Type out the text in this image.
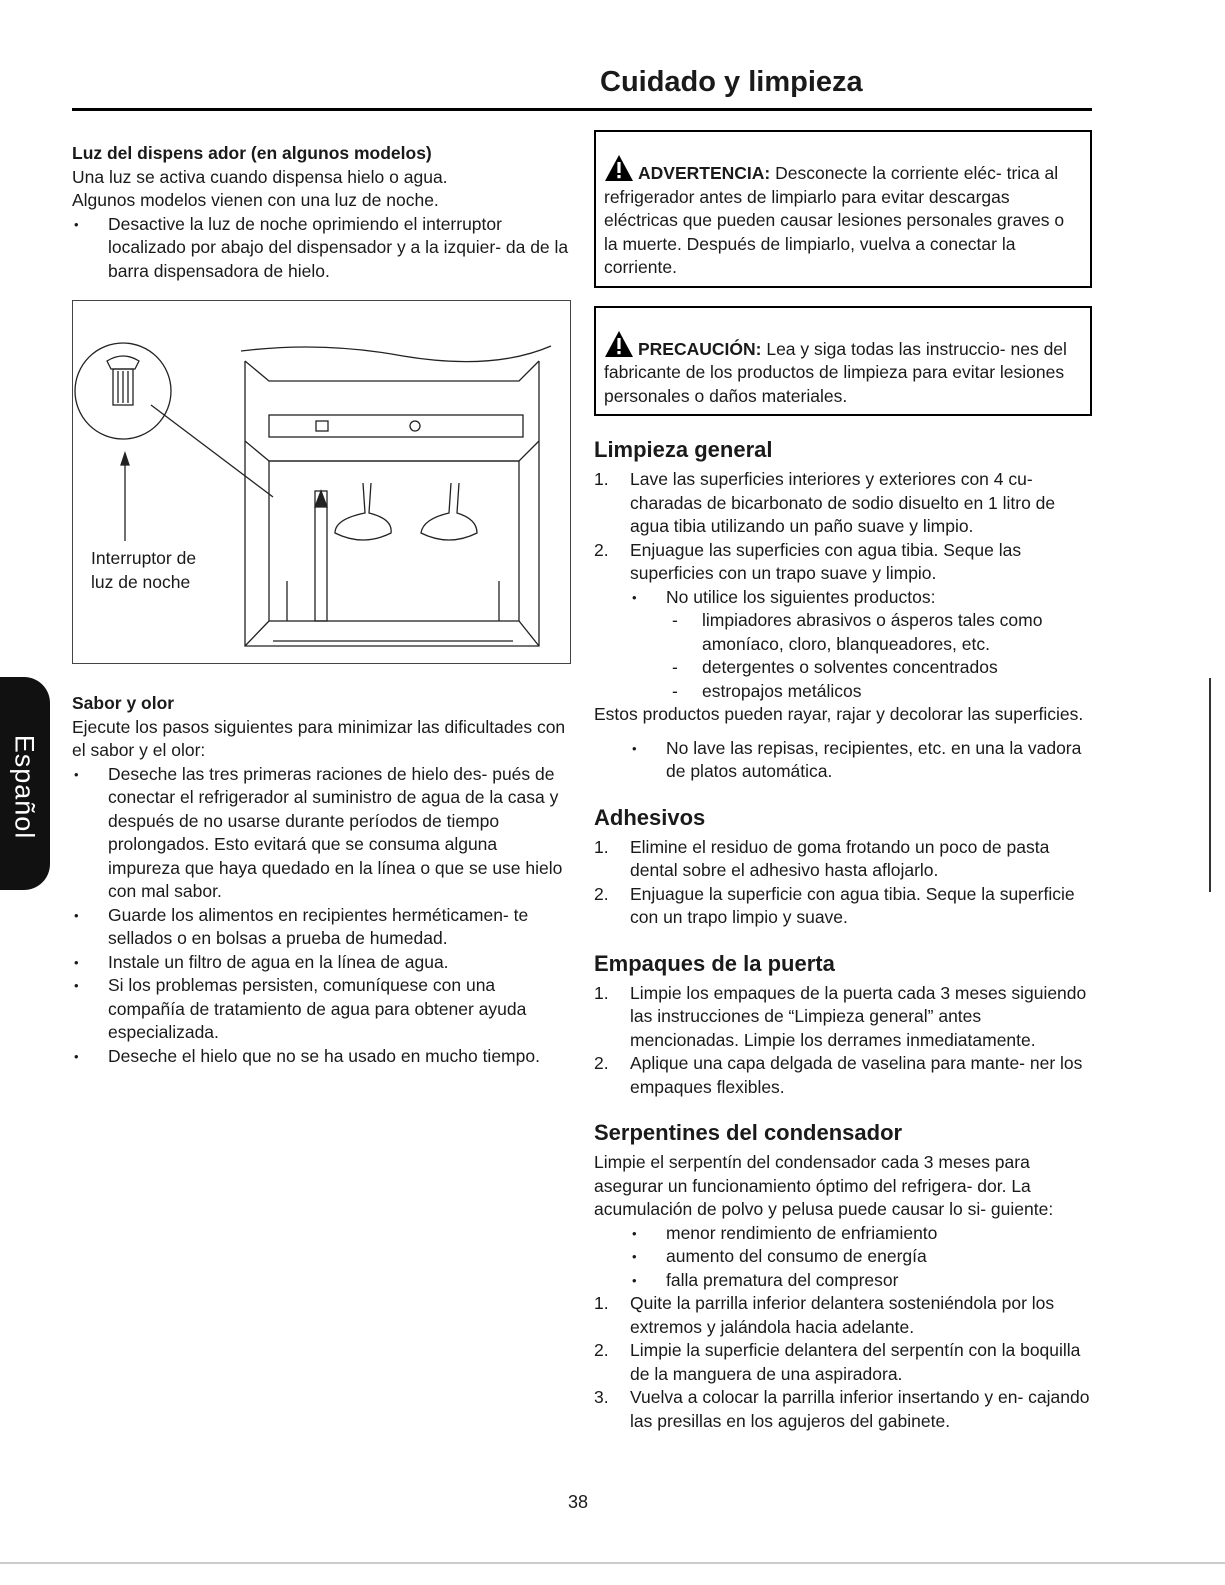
Cuidado y limpieza
Español
Luz del dispens ador (en algunos modelos)

Una luz se activa cuando dispensa hielo o agua.

Algunos modelos vienen con una luz de noche.

• Desactive la luz de noche oprimiendo el interruptor localizado por abajo del dispensador y a la izquier- da de la barra dispensadora de hielo.
Interruptor de
luz de noche
Sabor y olor

Ejecute los pasos siguientes para minimizar las dificultades con el sabor y el olor:

• Deseche las tres primeras raciones de hielo des- pués de conectar el refrigerador al suministro de agua de la casa y después de no usarse durante períodos de tiempo prolongados. Esto evitará que se consuma alguna impureza que haya quedado en la línea o que se use hielo con mal sabor.
• Guarde los alimentos en recipientes herméticamen- te sellados o en bolsas a prueba de humedad.
• Instale un filtro de agua en la línea de agua.
• Si los problemas persisten, comuníquese con una compañía de tratamiento de agua para obtener ayuda especializada.
• Deseche el hielo que no se ha usado en mucho tiempo.

ADVERTENCIA: Desconecte la corriente eléc- trica al refrigerador antes de limpiarlo para evitar descargas eléctricas que pueden causar lesiones personales graves o la muerte. Después de limpiarlo, vuelva a conectar la corriente.

PRECAUCIÓN: Lea y siga todas las instruccio- nes del fabricante de los productos de limpieza para evitar lesiones personales o daños materiales.

Limpieza general
1. Lave las superficies interiores y exteriores con 4 cu- charadas de bicarbonato de sodio disuelto en 1 litro de agua tibia utilizando un paño suave y limpio.
2. Enjuague las superficies con agua tibia. Seque las superficies con un trapo suave y limpio.
• No utilice los siguientes productos:
- limpiadores abrasivos o ásperos tales como amoníaco, cloro, blanqueadores, etc.
- detergentes o solventes concentrados
- estropajos metálicos

Estos productos pueden rayar, rajar y decolorar las superficies.

• No lave las repisas, recipientes, etc. en una la vadora de platos automática.
Adhesivos
1. Elimine el residuo de goma frotando un poco de pasta dental sobre el adhesivo hasta aflojarlo.
2. Enjuague la superficie con agua tibia. Seque la superficie con un trapo limpio y suave.
Empaques de la puerta
1. Limpie los empaques de la puerta cada 3 meses siguiendo las instrucciones de “Limpieza general” antes mencionadas. Limpie los derrames inmediatamente.
2. Aplique una capa delgada de vaselina para mante- ner los empaques flexibles.
Serpentines del condensador

Limpie el serpentín del condensador cada 3 meses para asegurar un funcionamiento óptimo del refrigera- dor. La acumulación de polvo y pelusa puede causar lo si- guiente:

• menor rendimiento de enfriamiento
• aumento del consumo de energía
• falla prematura del compresor
1. Quite la parrilla inferior delantera sosteniéndola por los extremos y jalándola hacia adelante.
2. Limpie la superficie delantera del serpentín con la boquilla de la manguera de una aspiradora.
3. Vuelva a colocar la parrilla inferior insertando y en- cajando las presillas en los agujeros del gabinete.
38
